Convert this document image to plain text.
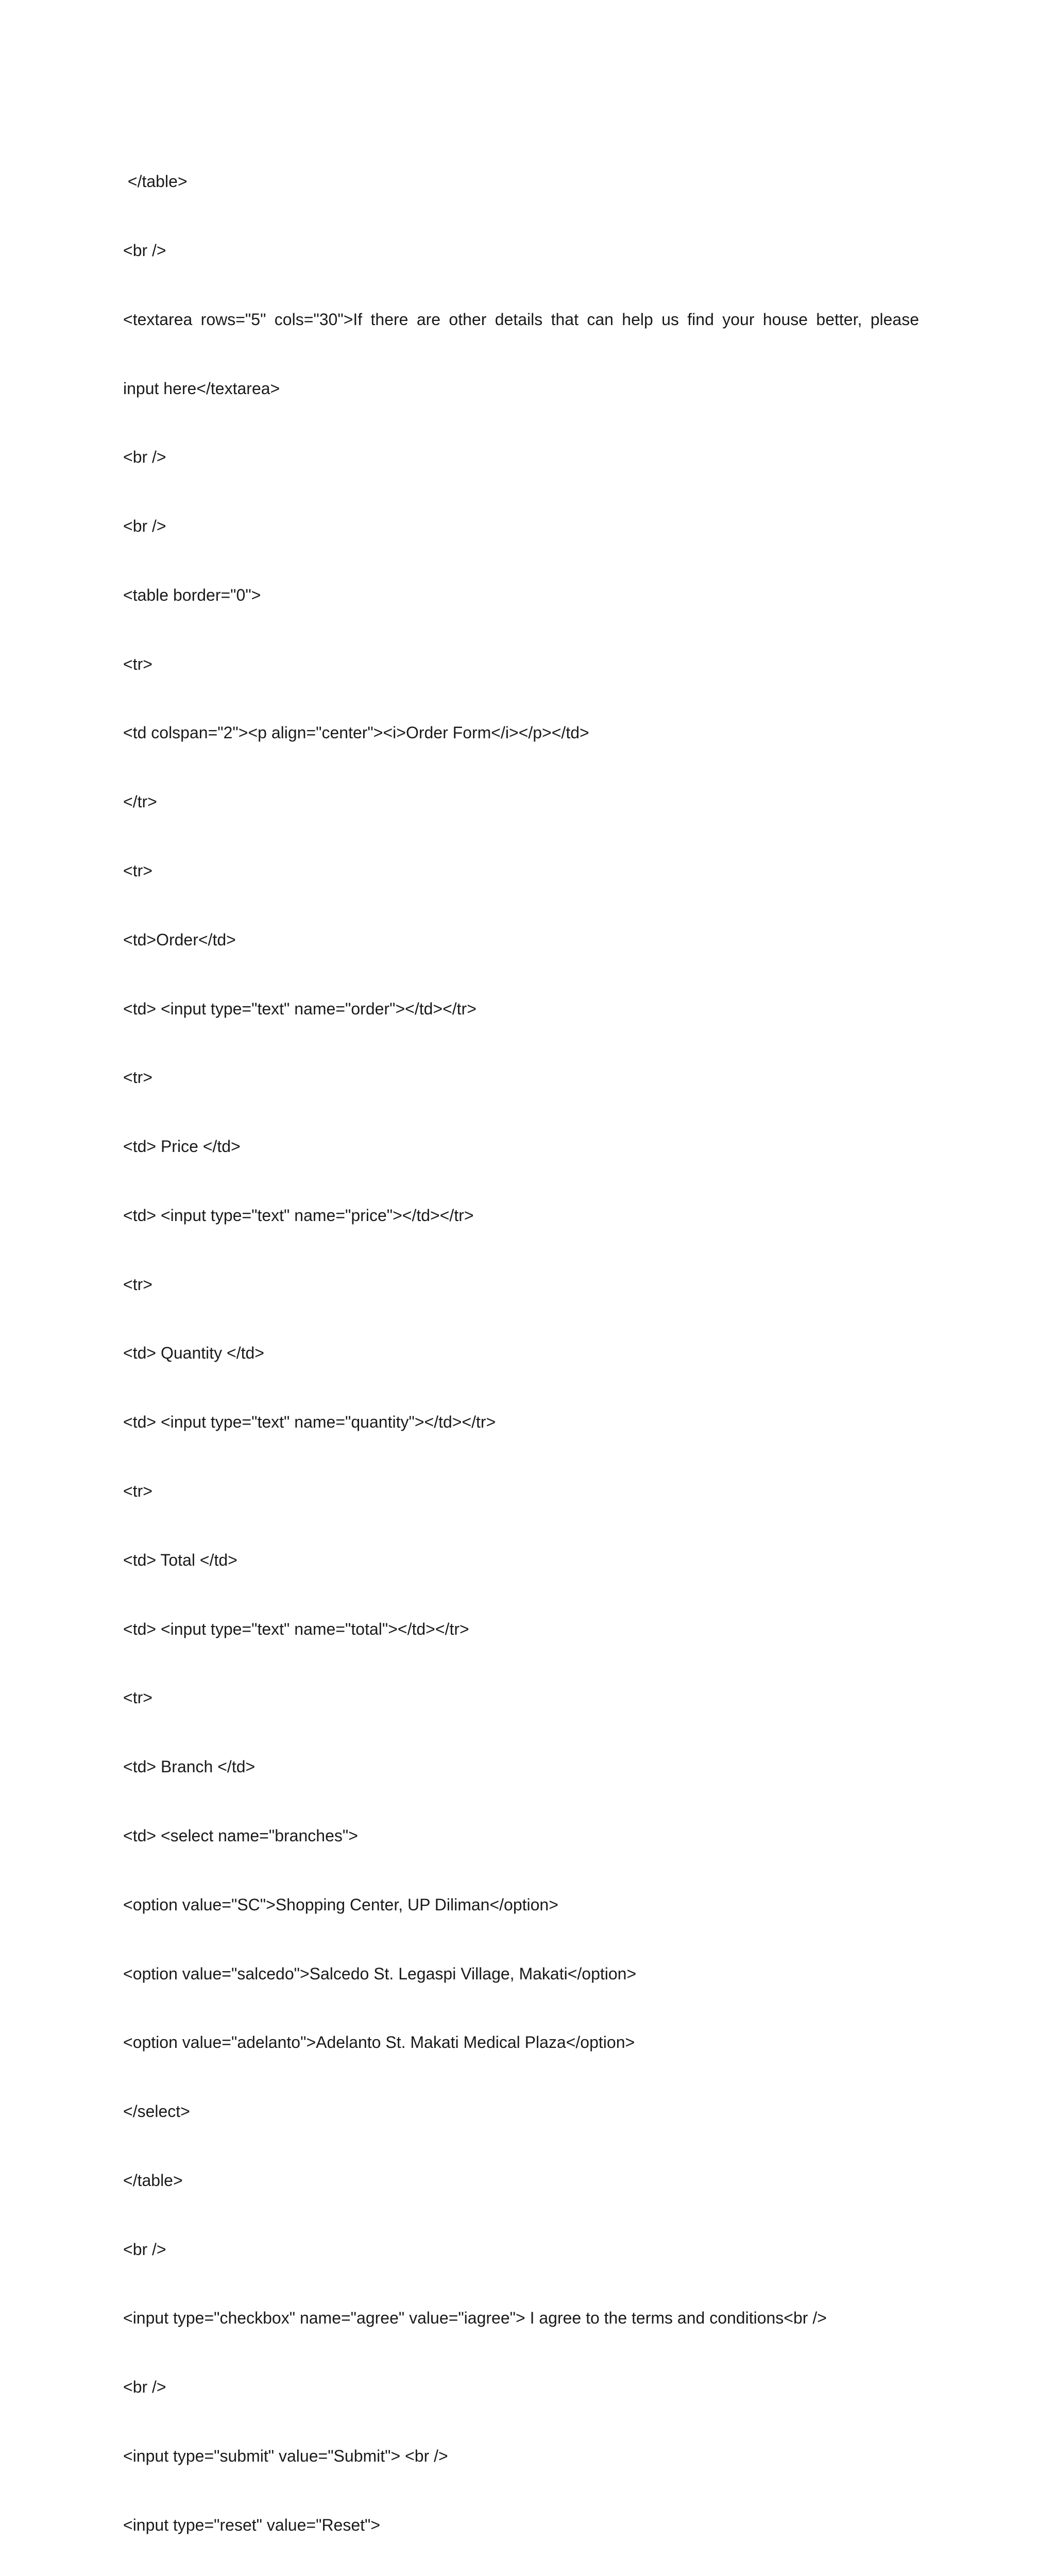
</table>

<br />

<textarea rows="5" cols="30">If there are other details that can help us find your house better, please

input here</textarea>

<br />

<br />

<table border="0">

<tr>

<td colspan="2"><p align="center"><i>Order Form</i></p></td>

</tr>

<tr>

<td>Order</td>

<td> <input type="text" name="order"></td></tr>

<tr>

<td> Price </td>

<td> <input type="text" name="price"></td></tr>

<tr>

<td> Quantity </td>

<td> <input type="text" name="quantity"></td></tr>

<tr>

<td> Total </td>

<td> <input type="text" name="total"></td></tr>

<tr>

<td> Branch </td>

<td> <select name="branches">

<option value="SC">Shopping Center, UP Diliman</option>

<option value="salcedo">Salcedo St. Legaspi Village, Makati</option>

<option value="adelanto">Adelanto St. Makati Medical Plaza</option>

</select>

</table>

<br />

<input type="checkbox" name="agree" value="iagree"> I agree to the terms and conditions<br />

<br />

<input type="submit" value="Submit"> <br />

<input type="reset" value="Reset">
